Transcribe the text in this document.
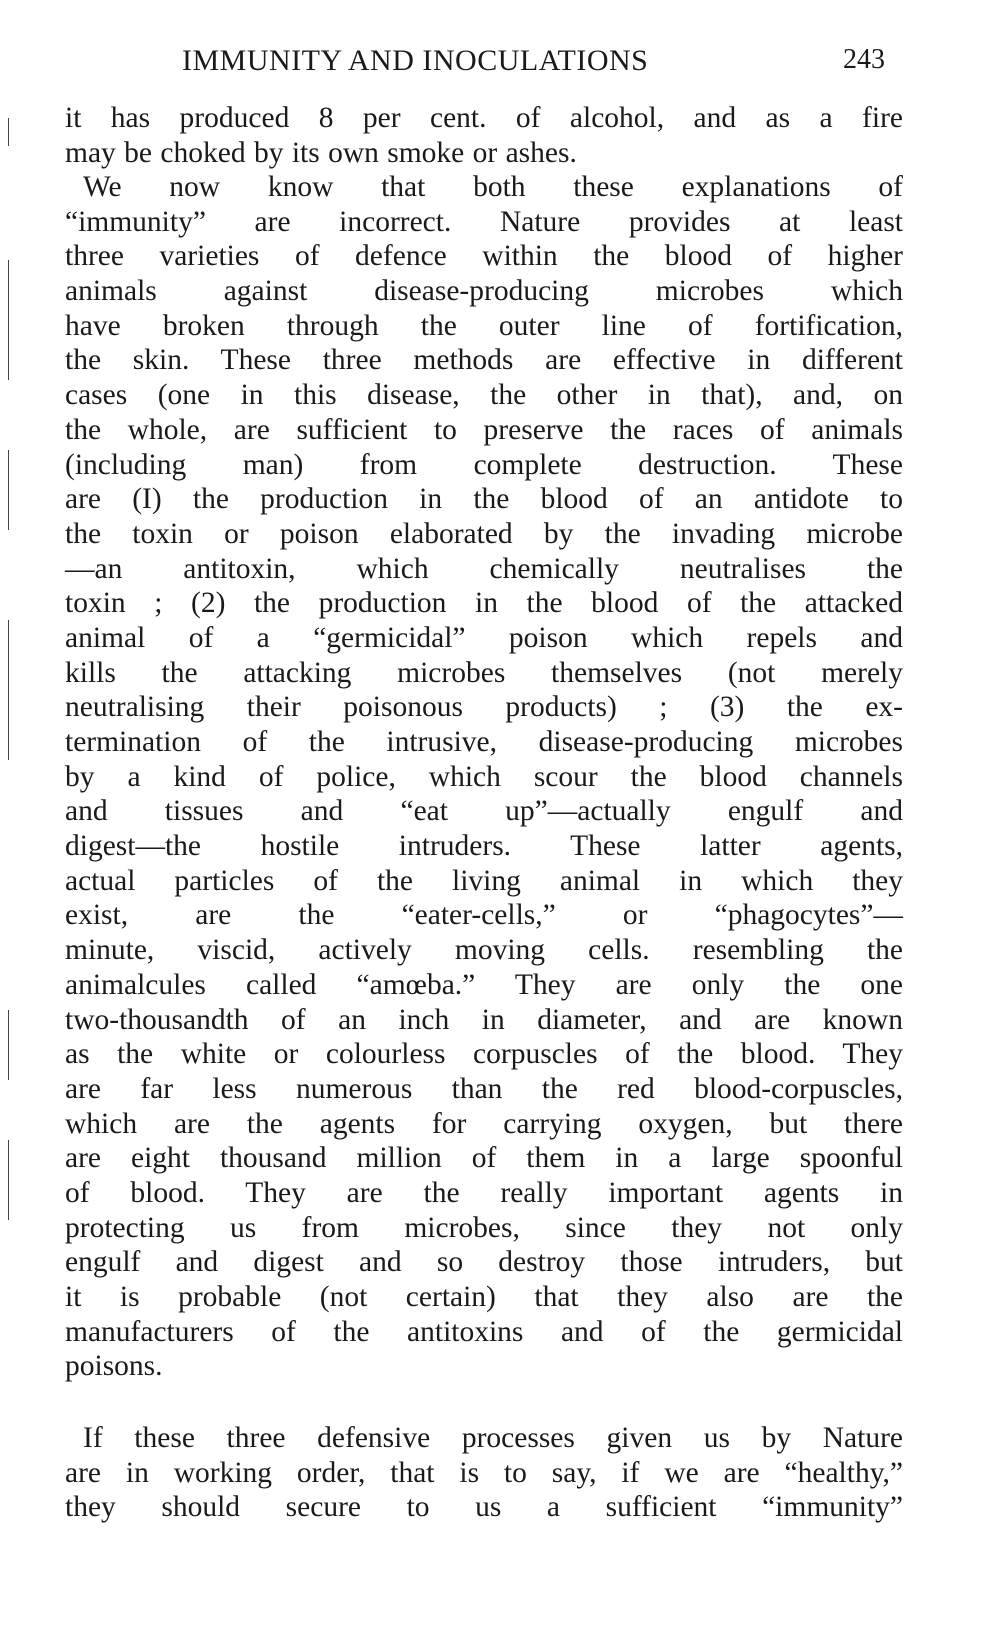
IMMUNITY AND INOCULATIONS	243
it has produced 8 per cent. of alcohol, and as a fire
may be choked by its own smoke or ashes.
We now know that both these explanations of
“immunity” are incorrect. Nature provides at least
three varieties of defence within the blood of higher
animals against disease-producing microbes which
have broken through the outer line of fortification,
the skin. These three methods are effective in different
cases (one in this disease, the other in that), and, on
the whole, are sufficient to preserve the races of animals
(including man) from complete destruction. These
are (I) the production in the blood of an antidote to
the toxin or poison elaborated by the invading microbe
—an antitoxin, which chemically neutralises the
toxin ; (2) the production in the blood of the attacked
animal of a “germicidal” poison which repels and
kills the attacking microbes themselves (not merely
neutralising their poisonous products) ; (3) the ex-
termination of the intrusive, disease-producing microbes
by a kind of police, which scour the blood channels
and tissues and “eat up”—actually engulf and
digest—the hostile intruders. These latter agents,
actual particles of the living animal in which they
exist, are the “eater-cells,” or “phagocytes”—
minute, viscid, actively moving cells. resembling the
animalcules called “amœba.” They are only the one
two-thousandth of an inch in diameter, and are known
as the white or colourless corpuscles of the blood. They
are far less numerous than the red blood-corpuscles,
which are the agents for carrying oxygen, but there
are eight thousand million of them in a large spoonful
of blood. They are the really important agents in
protecting us from microbes, since they not only
engulf and digest and so destroy those intruders, but
it is probable (not certain) that they also are the
manufacturers of the antitoxins and of the germicidal
poisons.
If these three defensive processes given us by Nature
are in working order, that is to say, if we are “healthy,”
they should secure to us a sufficient “immunity”
